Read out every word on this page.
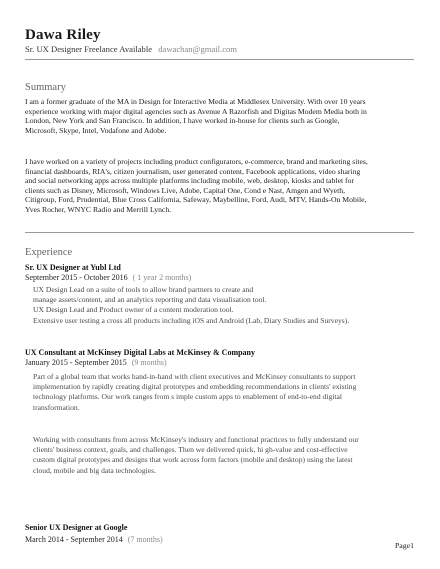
Dawa Riley
Sr. UX Designer Freelance Available dawachan@gmail.com
Summary
I am a former graduate of the MA in Design for Interactive Media at Middlesex University. With over 10 years
experience working with major digital agencies such as Avenue A Razorfish and Digitas Modem Media both in
London, New York and San Francisco. In addition, I have worked in-house for clients such as Google,
Microsoft, Skype, Intel, Vodafone and Adobe.
I have worked on a variety of projects including product configurators, e-commerce, brand and marketing sites,
financial dashboards, RIA's, citizen journalism, user generated content, Facebook applications, video sharing
and social networking apps across multiple platforms including mobile, web, desktop, kiosks and tablet for
clients such as Disney, Microsoft, Windows Live, Adobe, Capital One, Cond e Nast, Amgen and Wyeth,
Citigroup, Ford, Prudential, Blue Cross California, Safeway, Maybelline, Ford, Audi, MTV, Hands-On Mobile,
Yves Rocher, WNYC Radio and Merrill Lynch.
Experience
Sr. UX Designer at Yubl Ltd
September 2015 - October 2016 ( 1 year 2 months)
UX Design Lead on a suite of tools to allow brand partners to create and
manage assets/content, and an analytics reporting and data visualisation tool.
UX Design Lead and Product owner of a content moderation tool.
Extensive user testing a cross all products including iOS and Android (Lab, Diary Studies and Surveys).
UX Consultant at McKinsey Digital Labs at McKinsey & Company
January 2015 - September 2015 (9 months)
Part of a global team that works hand-in-hand with client executives and McKinsey consultants to support
implementation by rapidly creating digital prototypes and embedding recommendations in clients' existing
technology platforms. Our work ranges from s imple custom apps to enablement of end-to-end digital
transformation.
Working with consultants from across McKinsey's industry and functional practices to fully understand our
clients' business context, goals, and challenges. Then we delivered quick, hi gh-value and cost-effective
custom digital prototypes and designs that work across form factors (mobile and desktop) using the latest
cloud, mobile and big data technologies.
Senior UX Designer at Google
March 2014 - September 2014 (7 months)
Page1
